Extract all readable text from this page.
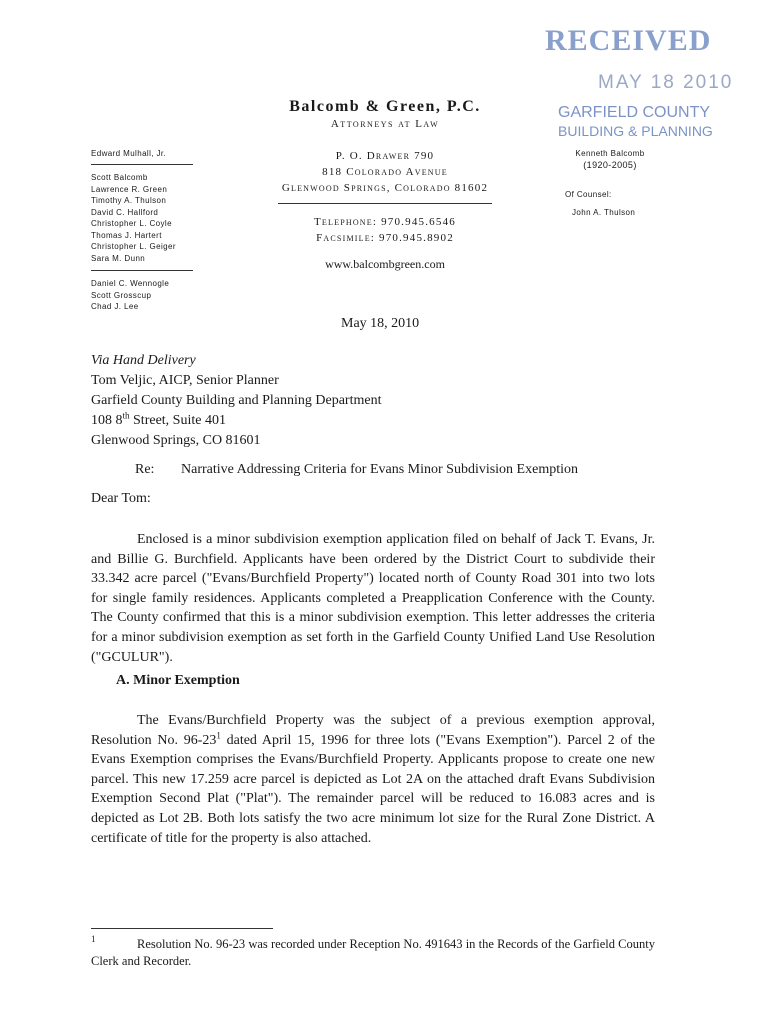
RECEIVED
MAY 18 2010
GARFIELD COUNTY
BUILDING & PLANNING
Balcomb & Green, P.C.
Attorneys at Law
P. O. Drawer 790
818 Colorado Avenue
Glenwood Springs, Colorado 81602
Telephone: 970.945.6546
Facsimile: 970.945.8902
www.balcombgreen.com
Edward Mulhall, Jr.
Scott Balcomb
Lawrence R. Green
Timothy A. Thulson
David C. Hallford
Christopher L. Coyle
Thomas J. Hartert
Christopher L. Geiger
Sara M. Dunn
Daniel C. Wennogle
Scott Grosscup
Chad J. Lee
Kenneth Balcomb
(1920-2005)
Of Counsel:
John A. Thulson
May 18, 2010
Via Hand Delivery
Tom Veljic, AICP, Senior Planner
Garfield County Building and Planning Department
108 8th Street, Suite 401
Glenwood Springs, CO 81601
Re: Narrative Addressing Criteria for Evans Minor Subdivision Exemption
Dear Tom:
Enclosed is a minor subdivision exemption application filed on behalf of Jack T. Evans, Jr. and Billie G. Burchfield. Applicants have been ordered by the District Court to subdivide their 33.342 acre parcel ("Evans/Burchfield Property") located north of County Road 301 into two lots for single family residences. Applicants completed a Preapplication Conference with the County. The County confirmed that this is a minor subdivision exemption. This letter addresses the criteria for a minor subdivision exemption as set forth in the Garfield County Unified Land Use Resolution ("GCULUR").
A. Minor Exemption
The Evans/Burchfield Property was the subject of a previous exemption approval, Resolution No. $96-23^1$ dated April 15, 1996 for three lots ("Evans Exemption"). Parcel 2 of the Evans Exemption comprises the Evans/Burchfield Property. Applicants propose to create one new parcel. This new 17.259 acre parcel is depicted as Lot 2A on the attached draft Evans Subdivision Exemption Second Plat ("Plat"). The remainder parcel will be reduced to 16.083 acres and is depicted as Lot 2B. Both lots satisfy the two acre minimum lot size for the Rural Zone District. A certificate of title for the property is also attached.
1	Resolution No. 96-23 was recorded under Reception No. 491643 in the Records of the Garfield County Clerk and Recorder.
